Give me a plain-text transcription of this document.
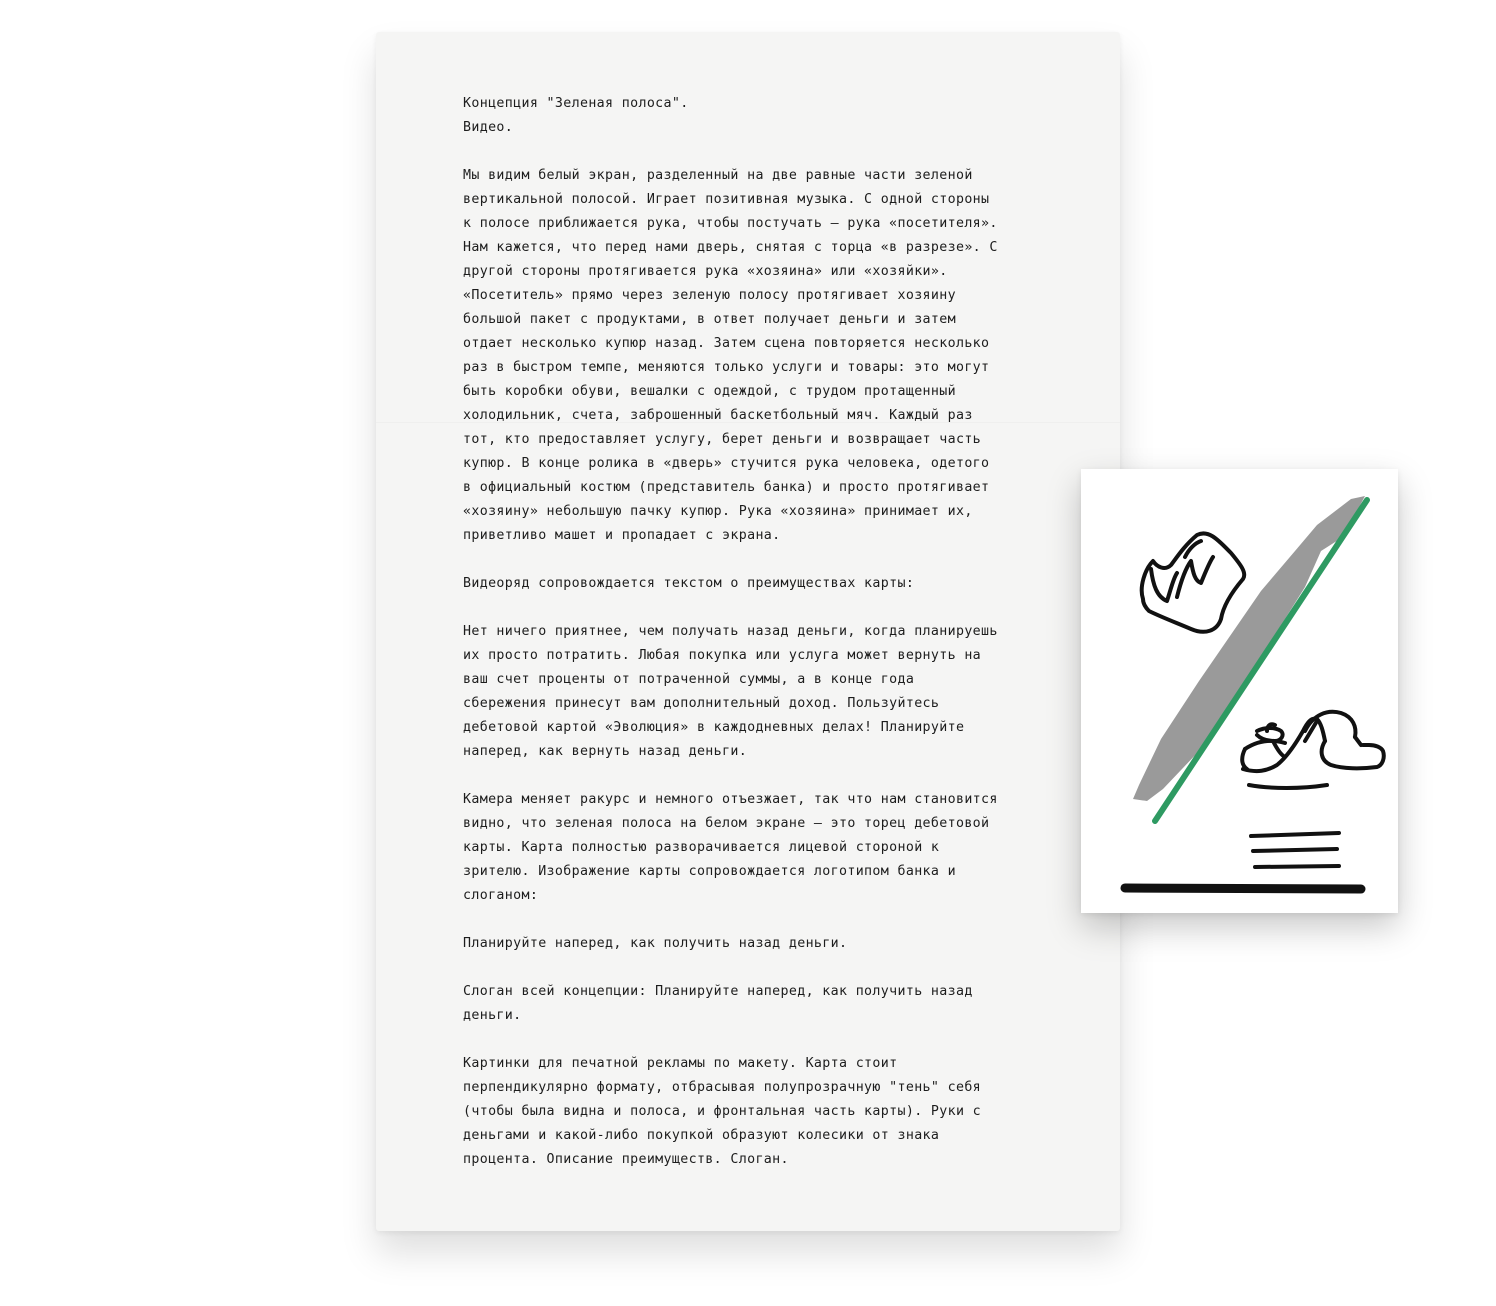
Концепция "Зеленая полоса".
Видео.

Мы видим белый экран, разделенный на две равные части зеленой
вертикальной полосой. Играет позитивная музыка. С одной стороны
к полосе приближается рука, чтобы постучать — рука «посетителя».
Нам кажется, что перед нами дверь, снятая с торца «в разрезе». С
другой стороны протягивается рука «хозяина» или «хозяйки».
«Посетитель» прямо через зеленую полосу протягивает хозяину
большой пакет с продуктами, в ответ получает деньги и затем
отдает несколько купюр назад. Затем сцена повторяется несколько
раз в быстром темпе, меняются только услуги и товары: это могут
быть коробки обуви, вешалки с одеждой, с трудом протащенный
холодильник, счета, заброшенный баскетбольный мяч. Каждый раз
тот, кто предоставляет услугу, берет деньги и возвращает часть
купюр. В конце ролика в «дверь» стучится рука человека, одетого
в официальный костюм (представитель банка) и просто протягивает
«хозяину» небольшую пачку купюр. Рука «хозяина» принимает их,
приветливо машет и пропадает с экрана.

Видеоряд сопровождается текстом о преимуществах карты:

Нет ничего приятнее, чем получать назад деньги, когда планируешь
их просто потратить. Любая покупка или услуга может вернуть на
ваш счет проценты от потраченной суммы, а в конце года
сбережения принесут вам дополнительный доход. Пользуйтесь
дебетовой картой «Эволюция» в каждодневных делах! Планируйте
наперед, как вернуть назад деньги.

Камера меняет ракурс и немного отъезжает, так что нам становится
видно, что зеленая полоса на белом экране — это торец дебетовой
карты. Карта полностью разворачивается лицевой стороной к
зрителю. Изображение карты сопровождается логотипом банка и
слоганом:

Планируйте наперед, как получить назад деньги.

Слоган всей концепции: Планируйте наперед, как получить назад
деньги.

Картинки для печатной рекламы по макету. Карта стоит
перпендикулярно формату, отбрасывая полупрозрачную "тень" себя
(чтобы была видна и полоса, и фронтальная часть карты). Руки с
деньгами и какой-либо покупкой образуют колесики от знака
процента. Описание преимуществ. Слоган.
